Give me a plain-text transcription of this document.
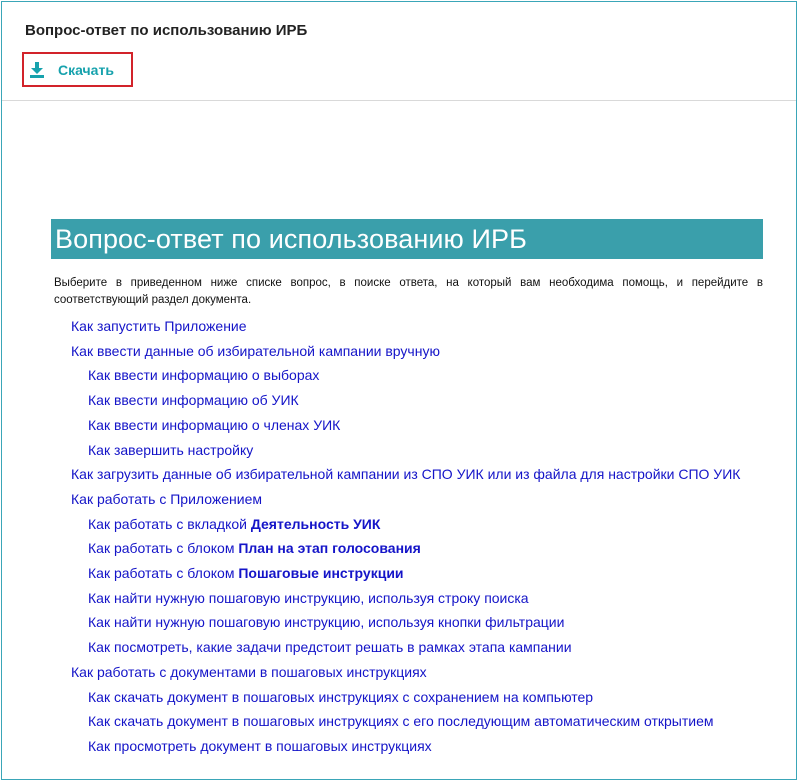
Вопрос-ответ по использованию ИРБ
Скачать
Вопрос-ответ по использованию ИРБ
Выберите в приведенном ниже списке вопрос, в поиске ответа, на который вам необходима помощь, и перейдите в соответствующий раздел документа.
Как запустить Приложение
Как ввести данные об избирательной кампании вручную
Как ввести информацию о выборах
Как ввести информацию об УИК
Как ввести информацию о членах УИК
Как завершить настройку
Как загрузить данные об избирательной кампании из СПО УИК или из файла для настройки СПО УИК
Как работать с Приложением
Как работать с вкладкой Деятельность УИК
Как работать с блоком План на этап голосования
Как работать с блоком Пошаговые инструкции
Как найти нужную пошаговую инструкцию, используя строку поиска
Как найти нужную пошаговую инструкцию, используя кнопки фильтрации
Как посмотреть, какие задачи предстоит решать в рамках этапа кампании
Как работать с документами в пошаговых инструкциях
Как скачать документ в пошаговых инструкциях с сохранением на компьютер
Как скачать документ в пошаговых инструкциях с его последующим автоматическим открытием
Как просмотреть документ в пошаговых инструкциях
